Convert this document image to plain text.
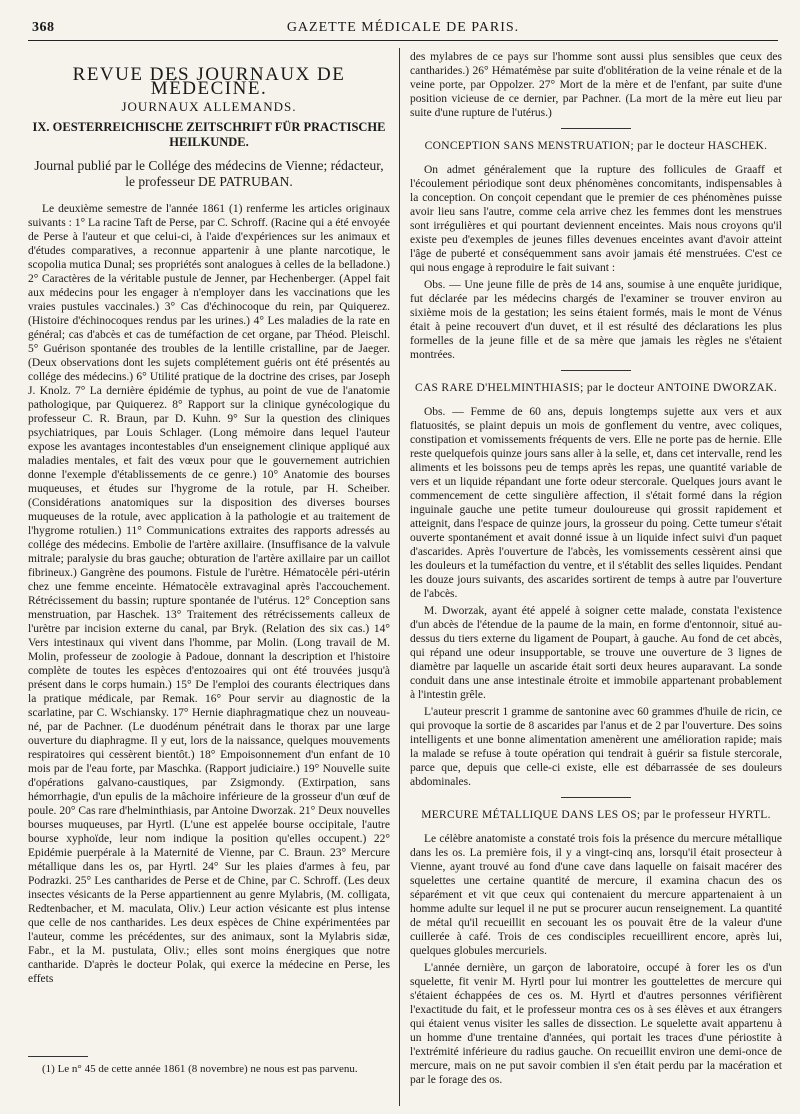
368	GAZETTE MÉDICALE DE PARIS.
REVUE DES JOURNAUX DE MÉDECINE.
JOURNAUX ALLEMANDS.
IX. OESTERREICHISCHE ZEITSCHRIFT FÜR PRACTISCHE HEILKUNDE.
Journal publié par le Collége des médecins de Vienne; rédacteur, le professeur DE PATRUBAN.

Le deuxième semestre de l'année 1861 (1) renferme les articles originaux suivants : 1° La racine Taft de Perse, par C. Schroff. (Racine qui a été envoyée de Perse à l'auteur et que celui-ci, à l'aide d'expériences sur les animaux et d'études comparatives, a reconnue appartenir à une plante narcotique, le scopolia mutica Dunal; ses propriétés sont analogues à celles de la belladone.) 2° Caractères de la véritable pustule de Jenner, par Hechenberger. (Appel fait aux médecins pour les engager à n'employer dans les vaccinations que les vraies pustules vaccinales.) 3° Cas d'échinocoque du rein, par Quiquerez. (Histoire d'échinocoques rendus par les urines.) 4° Les maladies de la rate en général; cas d'abcès et cas de tuméfaction de cet organe, par Théod. Pleischl. 5° Guérison spontanée des troubles de la lentille cristalline, par de Jaeger. (Deux observations dont les sujets complétement guéris ont été présentés au collége des médecins.) 6° Utilité pratique de la doctrine des crises, par Joseph J. Knolz. 7° La dernière épidémie de typhus, au point de vue de l'anatomie pathologique, par Quiquerez. 8° Rapport sur la clinique gynécologique du professeur C. R. Braun, par D. Kuhn. 9° Sur la question des cliniques psychiatriques, par Louis Schlager. (Long mémoire dans lequel l'auteur expose les avantages incontestables d'un enseignement clinique appliqué aux maladies mentales, et fait des vœux pour que le gouvernement autrichien donne l'exemple d'établissements de ce genre.) 10° Anatomie des bourses muqueuses, et études sur l'hygrome de la rotule, par H. Scheiber. (Considérations anatomiques sur la disposition des diverses bourses muqueuses de la rotule, avec application à la pathologie et au traitement de l'hygrome rotulien.) 11° Communications extraites des rapports adressés au collége des médecins. Embolie de l'artère axillaire. (Insuffisance de la valvule mitrale; paralysie du bras gauche; obturation de l'artère axillaire par un caillot fibrineux.) Gangrène des poumons. Fistule de l'urètre. Hématocèle péri-utérin chez une femme enceinte. Hématocèle extravaginal après l'accouchement. Rétrécissement du bassin; rupture spontanée de l'utérus. 12° Conception sans menstruation, par Haschek. 13° Traitement des rétrécissements calleux de l'urètre par incision externe du canal, par Bryk. (Relation des six cas.) 14° Vers intestinaux qui vivent dans l'homme, par Molin. (Long travail de M. Molin, professeur de zoologie à Padoue, donnant la description et l'histoire complète de toutes les espèces d'entozoaires qui ont été trouvées jusqu'à présent dans le corps humain.) 15° De l'emploi des courants électriques dans la pratique médicale, par Remak. 16° Pour servir au diagnostic de la scarlatine, par C. Wschiansky. 17° Hernie diaphragmatique chez un nouveau-né, par de Pachner. (Le duodénum pénétrait dans le thorax par une large ouverture du diaphragme. Il y eut, lors de la naissance, quelques mouvements respiratoires qui cessèrent bientôt.) 18° Empoisonnement d'un enfant de 10 mois par de l'eau forte, par Maschka. (Rapport judiciaire.) 19° Nouvelle suite d'opérations galvano-caustiques, par Zsigmondy. (Extirpation, sans hémorrhagie, d'un epulis de la mâchoire inférieure de la grosseur d'un œuf de poule. 20° Cas rare d'helminthiasis, par Antoine Dworzak. 21° Deux nouvelles bourses muqueuses, par Hyrtl. (L'une est appelée bourse occipitale, l'autre bourse xyphoïde, leur nom indique la position qu'elles occupent.) 22° Epidémie puerpérale à la Maternité de Vienne, par C. Braun. 23° Mercure métallique dans les os, par Hyrtl. 24° Sur les plaies d'armes à feu, par Podrazki. 25° Les cantharides de Perse et de Chine, par C. Schroff. (Les deux insectes vésicants de la Perse appartiennent au genre Mylabris, (M. colligata, Redtenbacher, et M. maculata, Oliv.) Leur action vésicante est plus intense que celle de nos cantharides. Les deux espèces de Chine expérimentées par l'auteur, comme les précédentes, sur des animaux, sont la Mylabris sidæ, Fabr., et la M. pustulata, Oliv.; elles sont moins énergiques que notre cantharide. D'après le docteur Polak, qui exerce la médecine en Perse, les effets

des mylabres de ce pays sur l'homme sont aussi plus sensibles que ceux des cantharides.) 26° Hématémèse par suite d'oblitération de la veine rénale et de la veine porte, par Oppolzer. 27° Mort de la mère et de l'enfant, par suite d'une position vicieuse de ce dernier, par Pachner. (La mort de la mère eut lieu par suite d'une rupture de l'utérus.)

CONCEPTION SANS MENSTRUATION; par le docteur HASCHEK.

On admet généralement que la rupture des follicules de Graaff et l'écoulement périodique sont deux phénomènes concomitants, indispensables à la conception. On conçoit cependant que le premier de ces phénomènes puisse avoir lieu sans l'autre, comme cela arrive chez les femmes dont les menstrues sont irrégulières et qui pourtant deviennent enceintes. Mais nous croyons qu'il existe peu d'exemples de jeunes filles devenues enceintes avant d'avoir atteint l'âge de puberté et conséquemment sans avoir jamais été menstruées. C'est ce qui nous engage à reproduire le fait suivant :

Obs. — Une jeune fille de près de 14 ans, soumise à une enquête juridique, fut déclarée par les médecins chargés de l'examiner se trouver environ au sixième mois de la gestation; les seins étaient formés, mais le mont de Vénus était à peine recouvert d'un duvet, et il est résulté des déclarations les plus formelles de la jeune fille et de sa mère que jamais les règles ne s'étaient montrées.

CAS RARE D'HELMINTHIASIS; par le docteur ANTOINE DWORZAK.

Obs. — Femme de 60 ans, depuis longtemps sujette aux vers et aux flatuosités, se plaint depuis un mois de gonflement du ventre, avec coliques, constipation et vomissements fréquents de vers. Elle ne porte pas de hernie. Elle reste quelquefois quinze jours sans aller à la selle, et, dans cet intervalle, rend les aliments et les boissons peu de temps après les repas, une quantité variable de vers et un liquide répandant une forte odeur stercorale. Quelques jours avant le commencement de cette singulière affection, il s'était formé dans la région inguinale gauche une petite tumeur douloureuse qui grossit rapidement et atteignit, dans l'espace de quinze jours, la grosseur du poing. Cette tumeur s'était ouverte spontanément et avait donné issue à un liquide infect suivi d'un paquet d'ascarides. Après l'ouverture de l'abcès, les vomissements cessèrent ainsi que les douleurs et la tuméfaction du ventre, et il s'établit des selles liquides. Pendant les douze jours suivants, des ascarides sortirent de temps à autre par l'ouverture de l'abcès.

M. Dworzak, ayant été appelé à soigner cette malade, constata l'existence d'un abcès de l'étendue de la paume de la main, en forme d'entonnoir, situé au-dessus du tiers externe du ligament de Poupart, à gauche. Au fond de cet abcès, qui répand une odeur insupportable, se trouve une ouverture de 3 lignes de diamètre par laquelle un ascaride était sorti deux heures auparavant. La sonde conduit dans une anse intestinale étroite et immobile appartenant probablement à l'intestin grêle.

L'auteur prescrit 1 gramme de santonine avec 60 grammes d'huile de ricin, ce qui provoque la sortie de 8 ascarides par l'anus et de 2 par l'ouverture. Des soins intelligents et une bonne alimentation amenèrent une amélioration rapide; mais la malade se refuse à toute opération qui tendrait à guérir sa fistule stercorale, parce que, depuis que celle-ci existe, elle est débarrassée de ses douleurs abdominales.

MERCURE MÉTALLIQUE DANS LES OS; par le professeur HYRTL.

Le célèbre anatomiste a constaté trois fois la présence du mercure métallique dans les os. La première fois, il y a vingt-cinq ans, lorsqu'il était prosecteur à Vienne, ayant trouvé au fond d'une cave dans laquelle on faisait macérer des squelettes une certaine quantité de mercure, il examina chacun des os séparément et vit que ceux qui contenaient du mercure appartenaient à un homme adulte sur lequel il ne put se procurer aucun renseignement. La quantité de métal qu'il recueillit en secouant les os pouvait être de la valeur d'une cuillerée à café. Trois de ces condisciples recueillirent encore, après lui, quelques globules mercuriels.

L'année dernière, un garçon de laboratoire, occupé à forer les os d'un squelette, fit venir M. Hyrtl pour lui montrer les gouttelettes de mercure qui s'étaient échappées de ces os. M. Hyrtl et d'autres personnes vérifièrent l'exactitude du fait, et le professeur montra ces os à ses élèves et aux étrangers qui étaient venus visiter les salles de dissection. Le squelette avait appartenu à un homme d'une trentaine d'années, qui portait les traces d'une périostite à l'extrémité inférieure du radius gauche. On recueillit environ une demi-once de mercure, mais on ne put savoir combien il s'en était perdu par la macération et par le forage des os.

(1) Le n° 45 de cette année 1861 (8 novembre) ne nous est pas parvenu.
